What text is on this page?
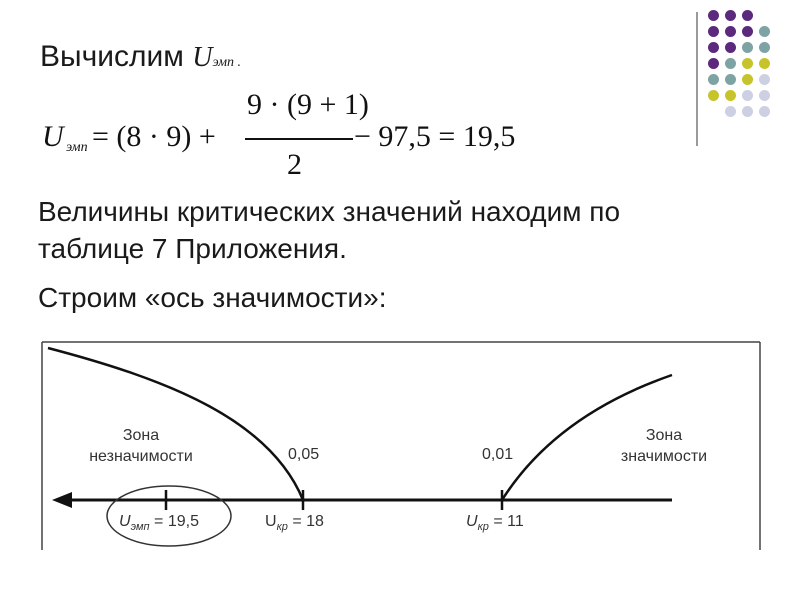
Вычислим Uэмп .
U эмп = (8 · 9) +
9 · (9 + 1)
2
− 97,5 = 19,5
Величины критических значений находим по
таблице 7 Приложения.
Строим «ось значимости»:
Зона
незначимости
Зона
значимости
0,05	0,01
$U_{эмп} = 19,5$	$U_{кр} = 18$	$U_{кр} = 11$
